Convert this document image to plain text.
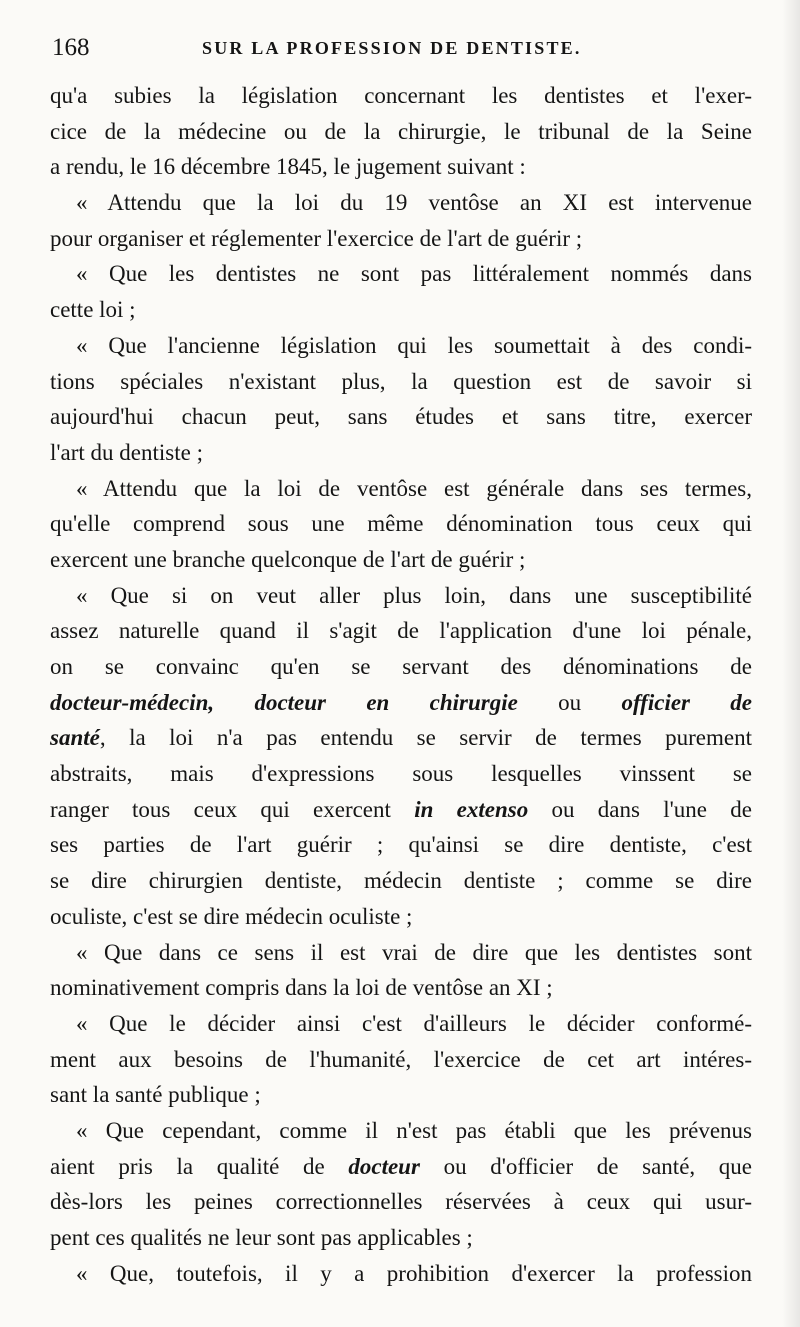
168	SUR LA PROFESSION DE DENTISTE.
qu'a subies la législation concernant les dentistes et l'exer-
cice de la médecine ou de la chirurgie, le tribunal de la Seine
a rendu, le 16 décembre 1845, le jugement suivant :
« Attendu que la loi du 19 ventôse an XI est intervenue
pour organiser et réglementer l'exercice de l'art de guérir ;
« Que les dentistes ne sont pas littéralement nommés dans
cette loi ;
« Que l'ancienne législation qui les soumettait à des condi-
tions spéciales n'existant plus, la question est de savoir si
aujourd'hui chacun peut, sans études et sans titre, exercer
l'art du dentiste ;
« Attendu que la loi de ventôse est générale dans ses termes,
qu'elle comprend sous une même dénomination tous ceux qui
exercent une branche quelconque de l'art de guérir ;
« Que si on veut aller plus loin, dans une susceptibilité
assez naturelle quand il s'agit de l'application d'une loi pénale,
on se convainc qu'en se servant des dénominations de
docteur-médecin, docteur en chirurgie ou officier de
santé, la loi n'a pas entendu se servir de termes purement
abstraits, mais d'expressions sous lesquelles vinssent se
ranger tous ceux qui exercent in extenso ou dans l'une de
ses parties de l'art guérir ; qu'ainsi se dire dentiste, c'est
se dire chirurgien dentiste, médecin dentiste ; comme se dire
oculiste, c'est se dire médecin oculiste ;
« Que dans ce sens il est vrai de dire que les dentistes sont
nominativement compris dans la loi de ventôse an XI ;
« Que le décider ainsi c'est d'ailleurs le décider conformé-
ment aux besoins de l'humanité, l'exercice de cet art intéres-
sant la santé publique ;
« Que cependant, comme il n'est pas établi que les prévenus
aient pris la qualité de docteur ou d'officier de santé, que
dès-lors les peines correctionnelles réservées à ceux qui usur-
pent ces qualités ne leur sont pas applicables ;
« Que, toutefois, il y a prohibition d'exercer la profession
